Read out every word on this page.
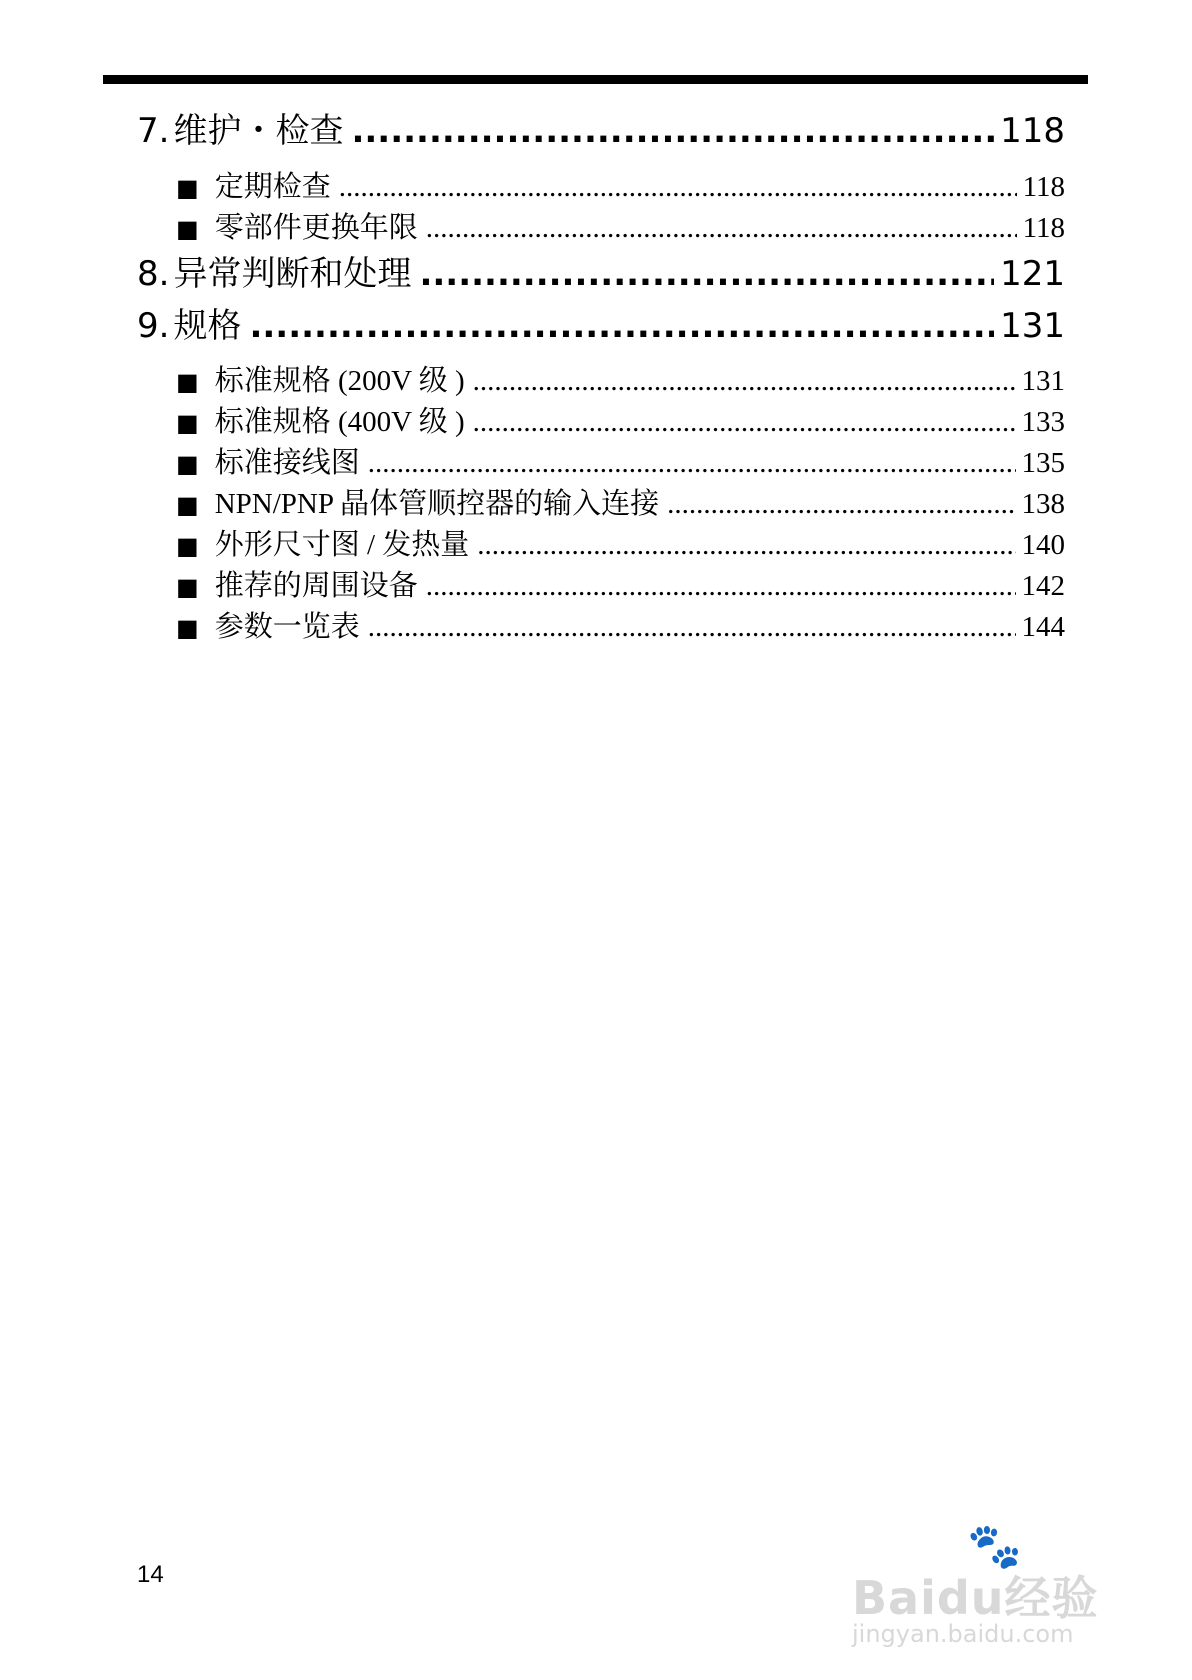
7. 维护・检查 .....	118
■ 定期检查 .....	118
■ 零部件更换年限 .....	118
8. 异常判断和处理 .....	121
9. 规格 .....	131
■ 标准规格 (200V 级 ) .....	131
■ 标准规格 (400V 级 ) .....	133
■ 标准接线图 .....	135
■ NPN/PNP 晶体管顺控器的输入连接 .....	138
■ 外形尺寸图 / 发热量 .....	140
■ 推荐的周围设备 .....	142
■ 参数一览表 .....	144
14
🐾
Baidu经验
jingyan.baidu.com
